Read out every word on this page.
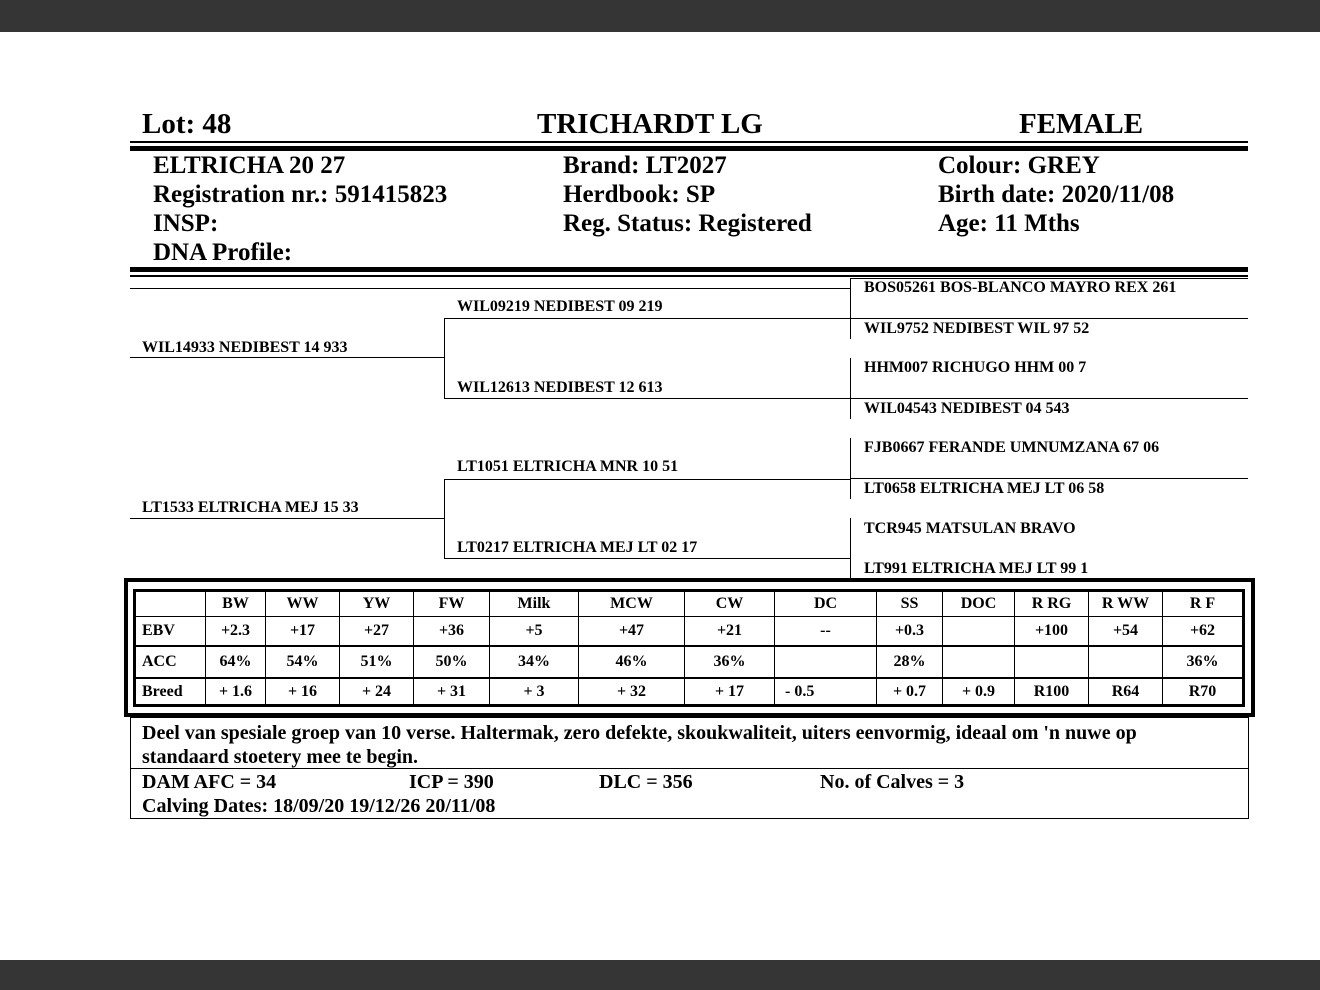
Lot: 48	TRICHARDT LG	FEMALE
ELTRICHA 20 27
Registration nr.: 591415823
INSP:
DNA Profile:
Brand: LT2027
Herdbook: SP
Reg. Status: Registered
Colour: GREY
Birth date: 2020/11/08
Age: 11 Mths
WIL14933 NEDIBEST 14 933
LT1533 ELTRICHA MEJ 15 33
WIL09219 NEDIBEST 09 219
WIL12613 NEDIBEST 12 613
LT1051 ELTRICHA MNR 10 51
LT0217 ELTRICHA MEJ LT 02 17
BOS05261 BOS-BLANCO MAYRO REX 261
WIL9752 NEDIBEST WIL 97 52
HHM007 RICHUGO HHM 00 7
WIL04543 NEDIBEST 04 543
FJB0667 FERANDE UMNUMZANA 67 06
LT0658 ELTRICHA MEJ LT 06 58
TCR945 MATSULAN BRAVO
LT991 ELTRICHA MEJ LT 99 1
	BW	WW	YW	FW	Milk	MCW	CW	DC	SS	DOC	R RG	R WW	R F
EBV	+2.3	+17	+27	+36	+5	+47	+21	--	+0.3		+100	+54	+62
ACC	64%	54%	51%	50%	34%	46%	36%		28%				36%
Breed	+ 1.6	+ 16	+ 24	+ 31	+ 3	+ 32	+ 17	- 0.5	+ 0.7	+ 0.9	R100	R64	R70
Deel van spesiale groep van 10 verse. Haltermak, zero defekte, skoukwaliteit, uiters eenvormig, ideaal om 'n nuwe op
standaard stoetery mee te begin.
DAM AFC = 34	ICP = 390	DLC = 356	No. of Calves = 3
Calving Dates: 18/09/20 19/12/26 20/11/08
